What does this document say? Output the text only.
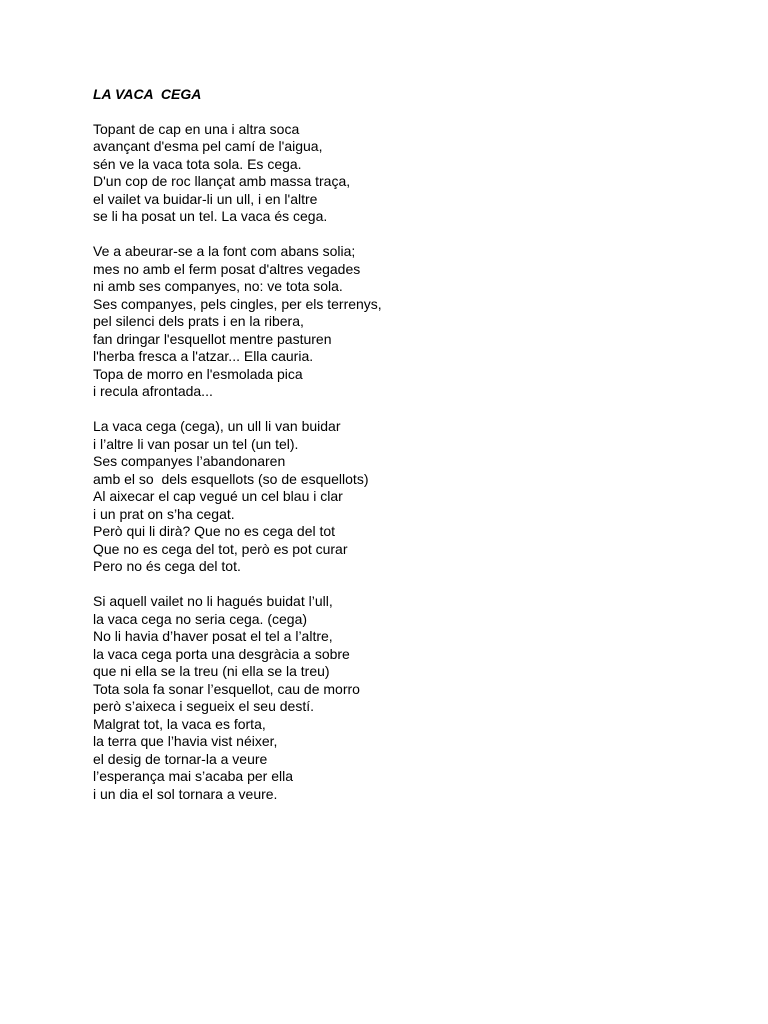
LA VACA  CEGA
Topant de cap en una i altra soca
avançant d'esma pel camí de l'aigua,
sén ve la vaca tota sola. Es cega.
D'un cop de roc llançat amb massa traça,
el vailet va buidar-li un ull, i en l'altre
se li ha posat un tel. La vaca és cega.
Ve a abeurar-se a la font com abans solia;
mes no amb el ferm posat d'altres vegades
ni amb ses companyes, no: ve tota sola.
Ses companyes, pels cingles, per els terrenys,
pel silenci dels prats i en la ribera,
fan dringar l'esquellot mentre pasturen
l'herba fresca a l'atzar... Ella cauria.
Topa de morro en l'esmolada pica
i recula afrontada...
La vaca cega (cega), un ull li van buidar
i l’altre li van posar un tel (un tel).
Ses companyes l’abandonaren
amb el so  dels esquellots (so de esquellots)
Al aixecar el cap vegué un cel blau i clar
i un prat on s’ha cegat.
Però qui li dirà? Que no es cega del tot
Que no es cega del tot, però es pot curar
Pero no és cega del tot.
Si aquell vailet no li hagués buidat l’ull,
la vaca cega no seria cega. (cega)
No li havia d’haver posat el tel a l’altre,
la vaca cega porta una desgràcia a sobre
que ni ella se la treu (ni ella se la treu)
Tota sola fa sonar l’esquellot, cau de morro
però s’aixeca i segueix el seu destí.
Malgrat tot, la vaca es forta,
la terra que l’havia vist néixer,
el desig de tornar-la a veure
l’esperança mai s’acaba per ella
i un dia el sol tornara a veure.
